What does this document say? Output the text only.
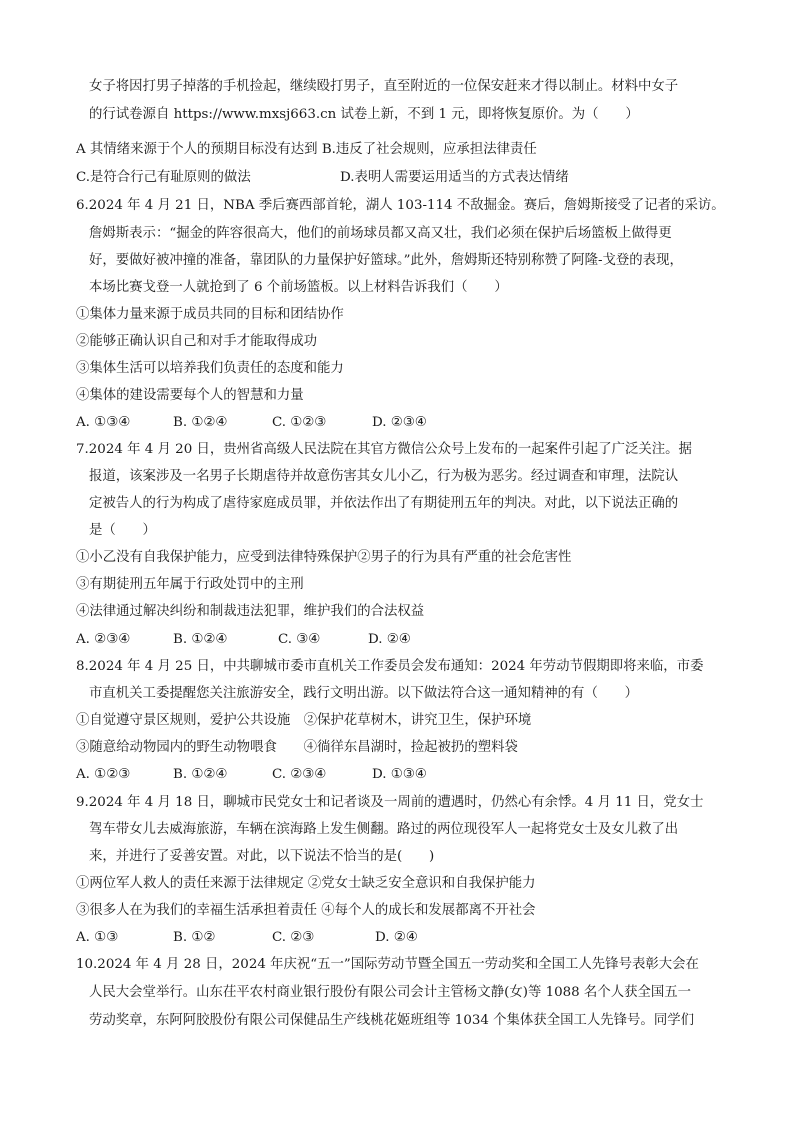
女子将因打男子掉落的手机捡起，继续殴打男子，直至附近的一位保安赶来才得以制止。材料中女子
的行试卷源自 https://www.mxsj663.cn 试卷上新，不到 1 元，即将恢复原价。为（　　）
A 其情绪来源于个人的预期目标没有达到 B.违反了社会规则，应承担法律责任
C.是符合行己有耻原则的做法	D.表明人需要运用适当的方式表达情绪
6.2024 年 4 月 21 日，NBA 季后赛西部首轮，湖人 103-114 不敌掘金。赛后，詹姆斯接受了记者的采访。
詹姆斯表示：“掘金的阵容很高大，他们的前场球员都又高又壮，我们必须在保护后场篮板上做得更
好，要做好被冲撞的准备，靠团队的力量保护好篮球。”此外，詹姆斯还特别称赞了阿隆-戈登的表现，
本场比赛戈登一人就抢到了 6 个前场篮板。以上材料告诉我们（　　）
①集体力量来源于成员共同的目标和团结协作
②能够正确认识自己和对手才能取得成功
③集体生活可以培养我们负责任的态度和能力
④集体的建设需要每个人的智慧和力量
A. ①③④	B. ①②④	C. ①②③	D. ②③④
7.2024 年 4 月 20 日，贵州省高级人民法院在其官方微信公众号上发布的一起案件引起了广泛关注。据
报道，该案涉及一名男子长期虐待并故意伤害其女儿小乙，行为极为恶劣。经过调查和审理，法院认
定被告人的行为构成了虐待家庭成员罪，并依法作出了有期徒刑五年的判决。对此，以下说法正确的
是（　　）
①小乙没有自我保护能力，应受到法律特殊保护②男子的行为具有严重的社会危害性
③有期徒刑五年属于行政处罚中的主刑
④法律通过解决纠纷和制裁违法犯罪，维护我们的合法权益
A. ②③④	B. ①②④	C. ③④	D. ②④
8.2024 年 4 月 25 日，中共聊城市委市直机关工作委员会发布通知：2024 年劳动节假期即将来临，市委
市直机关工委提醒您关注旅游安全，践行文明出游。以下做法符合这一通知精神的有（　　）
①自觉遵守景区规则，爱护公共设施　②保护花草树木，讲究卫生，保护环境
③随意给动物园内的野生动物喂食　　④徜徉东昌湖时，捡起被扔的塑料袋
A. ①②③	B. ①②④	C. ②③④	D. ①③④
9.2024 年 4 月 18 日，聊城市民党女士和记者谈及一周前的遭遇时，仍然心有余悸。4 月 11 日，党女士
驾车带女儿去威海旅游，车辆在滨海路上发生侧翻。路过的两位现役军人一起将党女士及女儿救了出
来，并进行了妥善安置。对此，以下说法不恰当的是(　　)
①两位军人救人的责任来源于法律规定 ②党女士缺乏安全意识和自我保护能力
③很多人在为我们的幸福生活承担着责任 ④每个人的成长和发展都离不开社会
A. ①③	B. ①②	C. ②③	D. ②④
10.2024 年 4 月 28 日，2024 年庆祝“五一”国际劳动节暨全国五一劳动奖和全国工人先锋号表彰大会在
人民大会堂举行。山东茌平农村商业银行股份有限公司会计主管杨文静(女)等 1088 名个人获全国五一
劳动奖章，东阿阿胶股份有限公司保健品生产线桃花姬班组等 1034 个集体获全国工人先锋号。同学们
